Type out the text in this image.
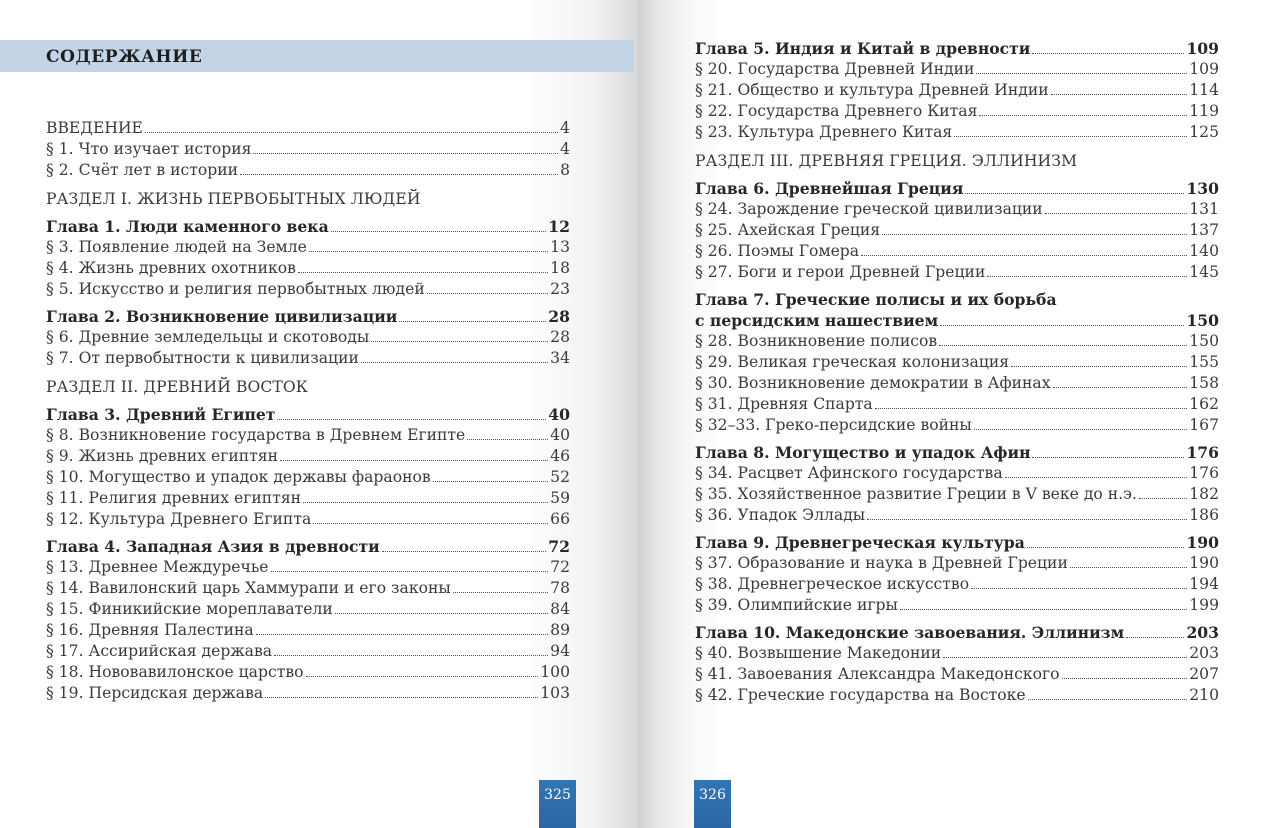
СОДЕРЖАНИЕ
ВВЕДЕНИЕ	4
§ 1. Что изучает история	4
§ 2. Счёт лет в истории	8
РАЗДЕЛ I. ЖИЗНЬ ПЕРВОБЫТНЫХ ЛЮДЕЙ
Глава 1. Люди каменного века	12
§ 3. Появление людей на Земле	13
§ 4. Жизнь древних охотников	18
§ 5. Искусство и религия первобытных людей	23
Глава 2. Возникновение цивилизации	28
§ 6. Древние земледельцы и скотоводы	28
§ 7. От первобытности к цивилизации	34
РАЗДЕЛ II. ДРЕВНИЙ ВОСТОК
Глава 3. Древний Египет	40
§ 8. Возникновение государства в Древнем Египте	40
§ 9. Жизнь древних египтян	46
§ 10. Могущество и упадок державы фараонов	52
§ 11. Религия древних египтян	59
§ 12. Культура Древнего Египта	66
Глава 4. Западная Азия в древности	72
§ 13. Древнее Междуречье	72
§ 14. Вавилонский царь Хаммурапи и его законы	78
§ 15. Финикийские мореплаватели	84
§ 16. Древняя Палестина	89
§ 17. Ассирийская держава	94
§ 18. Нововавилонское царство	100
§ 19. Персидская держава	103
325	326
Глава 5. Индия и Китай в древности	109
§ 20. Государства Древней Индии	109
§ 21. Общество и культура Древней Индии	114
§ 22. Государства Древнего Китая	119
§ 23. Культура Древнего Китая	125
РАЗДЕЛ III. ДРЕВНЯЯ ГРЕЦИЯ. ЭЛЛИНИЗМ
Глава 6. Древнейшая Греция	130
§ 24. Зарождение греческой цивилизации	131
§ 25. Ахейская Греция	137
§ 26. Поэмы Гомера	140
§ 27. Боги и герои Древней Греции	145
Глава 7. Греческие полисы и их борьба
с персидским нашествием	150
§ 28. Возникновение полисов	150
§ 29. Великая греческая колонизация	155
§ 30. Возникновение демократии в Афинах	158
§ 31. Древняя Спарта	162
§ 32–33. Греко-персидские войны	167
Глава 8. Могущество и упадок Афин	176
§ 34. Расцвет Афинского государства	176
§ 35. Хозяйственное развитие Греции в V веке до н.э.	182
§ 36. Упадок Эллады	186
Глава 9. Древнегреческая культура	190
§ 37. Образование и наука в Древней Греции	190
§ 38. Древнегреческое искусство	194
§ 39. Олимпийские игры	199
Глава 10. Македонские завоевания. Эллинизм	203
§ 40. Возвышение Македонии	203
§ 41. Завоевания Александра Македонского	207
§ 42. Греческие государства на Востоке	210
